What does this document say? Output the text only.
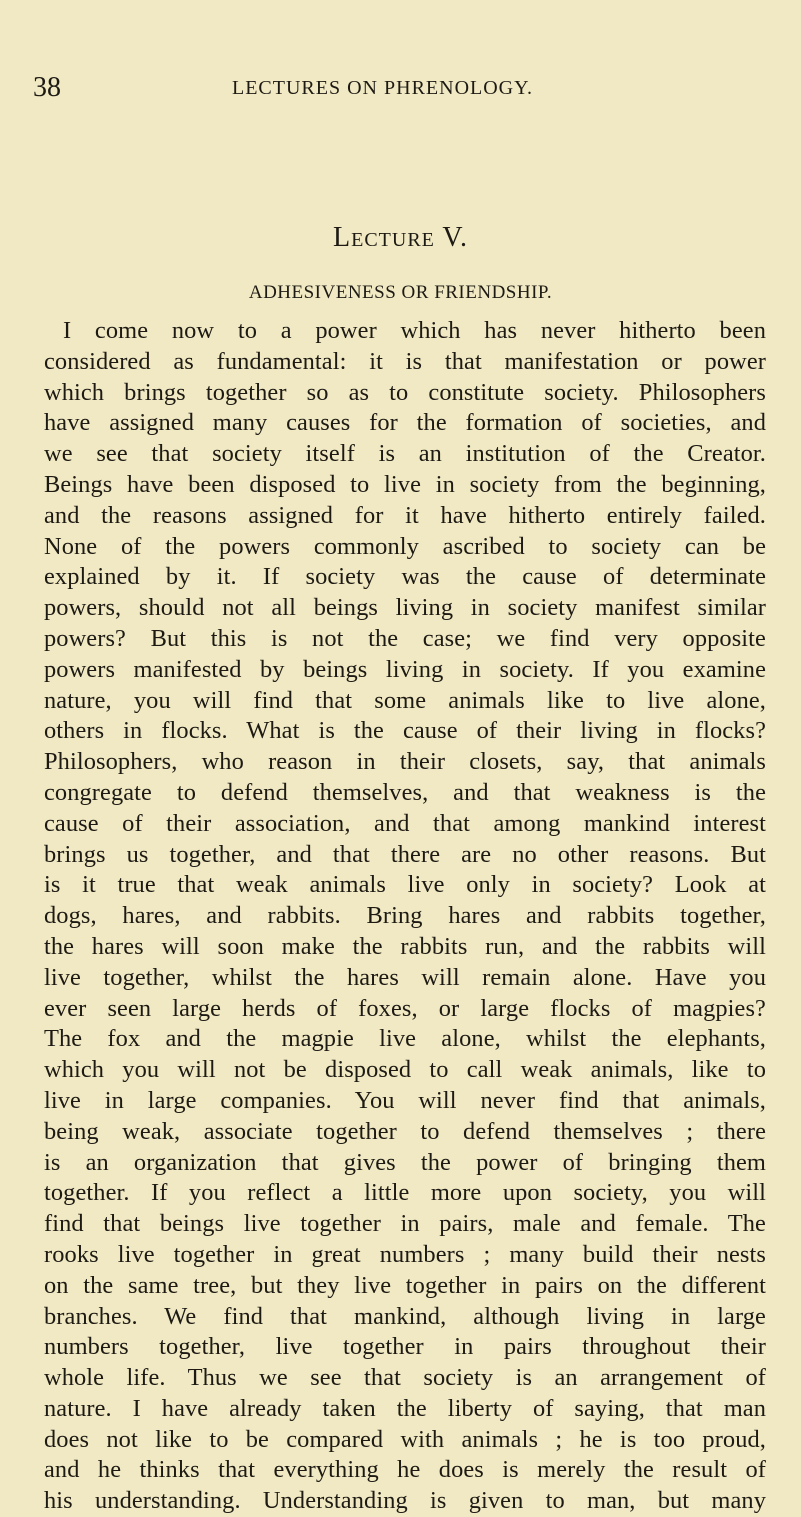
38	LECTURES ON PHRENOLOGY.
Lecture V.
ADHESIVENESS OR FRIENDSHIP.
I come now to a power which has never hitherto been
considered as fundamental: it is that manifestation or power
which brings together so as to constitute society. Philosophers
have assigned many causes for the formation of societies, and
we see that society itself is an institution of the Creator.
Beings have been disposed to live in society from the beginning,
and the reasons assigned for it have hitherto entirely failed.
None of the powers commonly ascribed to society can be
explained by it. If society was the cause of determinate
powers, should not all beings living in society manifest similar
powers? But this is not the case; we find very opposite
powers manifested by beings living in society. If you examine
nature, you will find that some animals like to live alone,
others in flocks. What is the cause of their living in flocks?
Philosophers, who reason in their closets, say, that animals
congregate to defend themselves, and that weakness is the
cause of their association, and that among mankind interest
brings us together, and that there are no other reasons. But
is it true that weak animals live only in society? Look at
dogs, hares, and rabbits. Bring hares and rabbits together,
the hares will soon make the rabbits run, and the rabbits will
live together, whilst the hares will remain alone. Have you
ever seen large herds of foxes, or large flocks of magpies?
The fox and the magpie live alone, whilst the elephants,
which you will not be disposed to call weak animals, like to
live in large companies. You will never find that animals,
being weak, associate together to defend themselves ; there
is an organization that gives the power of bringing them
together. If you reflect a little more upon society, you will
find that beings live together in pairs, male and female. The
rooks live together in great numbers ; many build their nests
on the same tree, but they live together in pairs on the different
branches. We find that mankind, although living in large
numbers together, live together in pairs throughout their
whole life. Thus we see that society is an arrangement of
nature. I have already taken the liberty of saying, that man
does not like to be compared with animals ; he is too proud,
and he thinks that everything he does is merely the result of
his understanding. Understanding is given to man, but many
